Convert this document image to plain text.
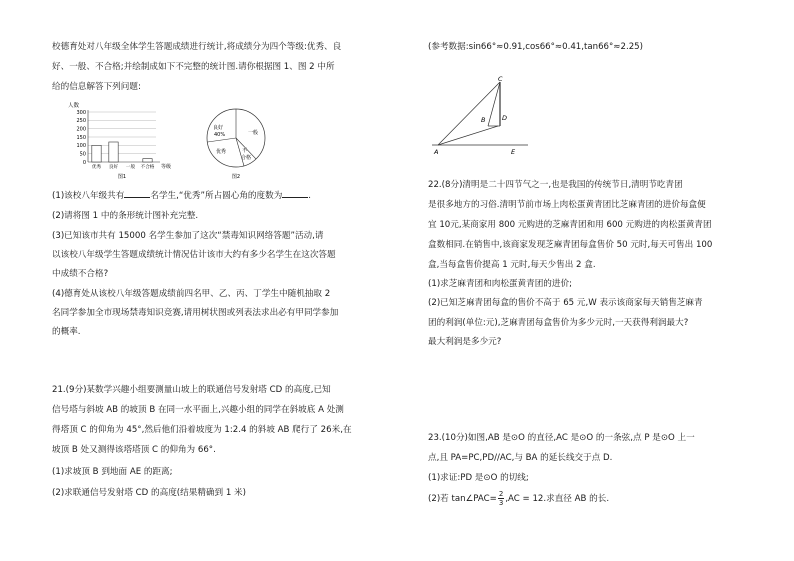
校德育处对八年级全体学生答题成绩进行统计,将成绩分为四个等级:优秀、良
好、一般、不合格;并绘制成如下不完整的统计图.请你根据图 1、图 2 中所
给的信息解答下列问题:
人数
300
250
200
150
100
50
0
优秀 良好 一般 不合格 等级
图1
良好
40%	一般
优秀	不
合格
图2
(1)该校八年级共有	名学生,“优秀”所占圆心角的度数为	.
(2)请将图 1 中的条形统计图补充完整.
(3)已知该市共有 15000 名学生参加了这次“禁毒知识网络答题”活动,请
以该校八年级学生答题成绩统计情况估计该市大约有多少名学生在这次答题
中成绩不合格?
(4)德育处从该校八年级答题成绩前四名甲、乙、丙、丁学生中随机抽取 2
名同学参加全市现场禁毒知识竞赛,请用树状图或列表法求出必有甲同学参加
的概率.
21.(9分)某数学兴趣小组要测量山坡上的联通信号发射塔 CD 的高度,已知
信号塔与斜坡 AB 的坡顶 B 在同一水平面上,兴趣小组的同学在斜坡底 A 处测
得塔顶 C 的仰角为 45°,然后他们沿着坡度为 1:2.4 的斜坡 AB 爬行了 26米,在
坡顶 B 处又测得该塔塔顶 C 的仰角为 66°.
(1)求坡顶 B 到地面 AE 的距离;
(2)求联通信号发射塔 CD 的高度(结果精确到 1 米)
(参考数据:sin66°≈0.91,cos66°≈0.41,tan66°≈2.25)
C
B	D
A	E
22.(8分)清明是二十四节气之一,也是我国的传统节日,清明节吃青团
是很多地方的习俗.清明节前市场上肉松蛋黄青团比芝麻青团的进价每盒便
宜 10元,某商家用 800 元购进的芝麻青团和用 600 元购进的肉松蛋黄青团
盒数相同.在销售中,该商家发现芝麻青团每盒售价 50 元时,每天可售出 100
盒,当每盒售价提高 1 元时,每天少售出 2 盒.
(1)求芝麻青团和肉松蛋黄青团的进价;
(2)已知芝麻青团每盒的售价不高于 65 元,W 表示该商家每天销售芝麻青
团的利润(单位:元),芝麻青团每盒售价为多少元时,一天获得利润最大?
最大利润是多少元?
23.(10分)如图,AB 是⊙O 的直径,AC 是⊙O 的一条弦,点 P 是⊙O 上一
点,且 PA=PC,PD//AC,与 BA 的延长线交于点 D.
(1)求证:PD 是⊙O 的切线;
(2)若 tan∠PAC= $\frac{2}{3} ,AC = 12$.求直径 AB 的长.
